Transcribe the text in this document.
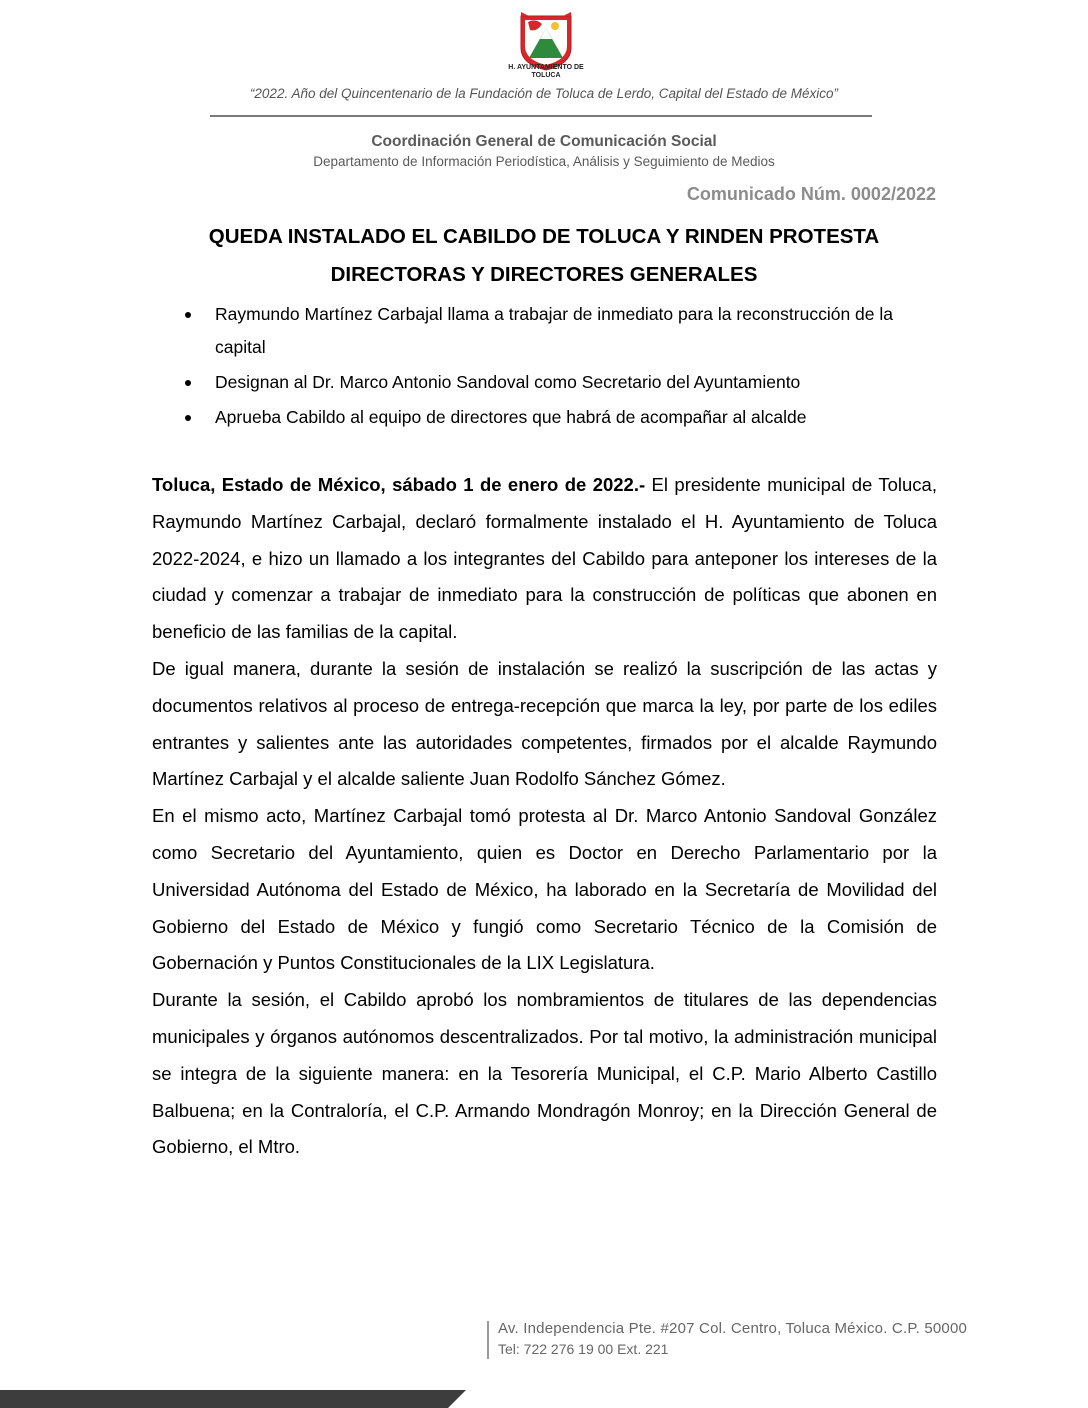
H. AYUNTAMIENTO DE TOLUCA
“2022. Año del Quincentenario de la Fundación de Toluca de Lerdo, Capital del Estado de México”
Coordinación General de Comunicación Social
Departamento de Información Periodística, Análisis y Seguimiento de Medios
Comunicado Núm. 0002/2022
QUEDA INSTALADO EL CABILDO DE TOLUCA Y RINDEN PROTESTA DIRECTORAS Y DIRECTORES GENERALES
Raymundo Martínez Carbajal llama a trabajar de inmediato para la reconstrucción de la capital
Designan al Dr. Marco Antonio Sandoval como Secretario del Ayuntamiento
Aprueba Cabildo al equipo de directores que habrá de acompañar al alcalde

Toluca, Estado de México, sábado 1 de enero de 2022.- El presidente municipal de Toluca, Raymundo Martínez Carbajal, declaró formalmente instalado el H. Ayuntamiento de Toluca 2022-2024, e hizo un llamado a los integrantes del Cabildo para anteponer los intereses de la ciudad y comenzar a trabajar de inmediato para la construcción de políticas que abonen en beneficio de las familias de la capital.

De igual manera, durante la sesión de instalación se realizó la suscripción de las actas y documentos relativos al proceso de entrega-recepción que marca la ley, por parte de los ediles entrantes y salientes ante las autoridades competentes, firmados por el alcalde Raymundo Martínez Carbajal y el alcalde saliente Juan Rodolfo Sánchez Gómez.

En el mismo acto, Martínez Carbajal tomó protesta al Dr. Marco Antonio Sandoval González como Secretario del Ayuntamiento, quien es Doctor en Derecho Parlamentario por la Universidad Autónoma del Estado de México, ha laborado en la Secretaría de Movilidad del Gobierno del Estado de México y fungió como Secretario Técnico de la Comisión de Gobernación y Puntos Constitucionales de la LIX Legislatura.

Durante la sesión, el Cabildo aprobó los nombramientos de titulares de las dependencias municipales y órganos autónomos descentralizados. Por tal motivo, la administración municipal se integra de la siguiente manera: en la Tesorería Municipal, el C.P. Mario Alberto Castillo Balbuena; en la Contraloría, el C.P. Armando Mondragón Monroy; en la Dirección General de Gobierno, el Mtro.

Av. Independencia Pte. #207 Col. Centro, Toluca México. C.P. 50000
Tel: 722 276 19 00 Ext. 221
